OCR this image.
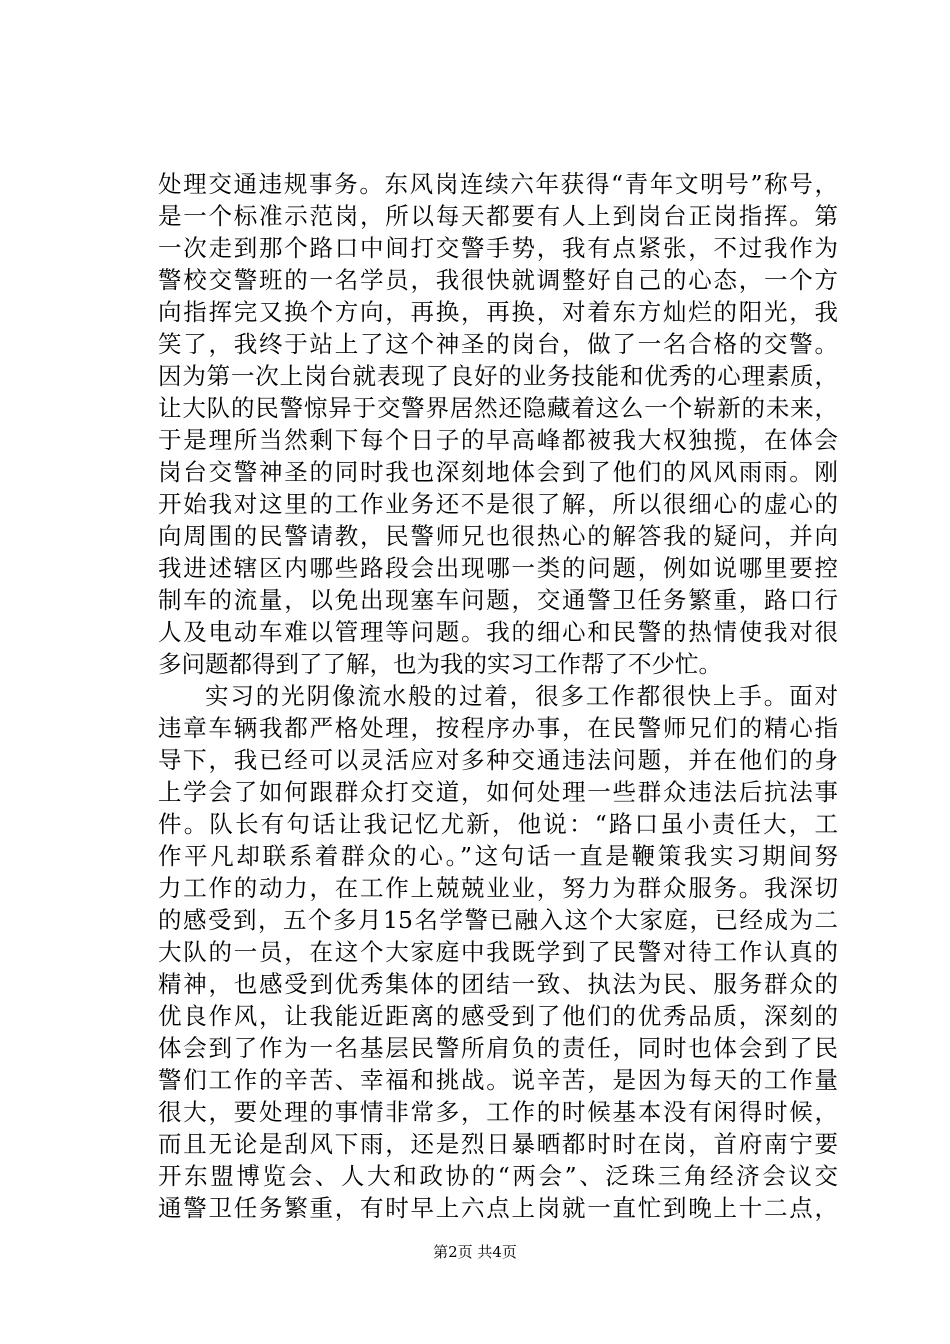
处理交通违规事务。东风岗连续六年获得“青年文明号”称号，
是一个标准示范岗，所以每天都要有人上到岗台正岗指挥。第
一次走到那个路口中间打交警手势，我有点紧张，不过我作为
警校交警班的一名学员，我很快就调整好自己的心态，一个方
向指挥完又换个方向，再换，再换，对着东方灿烂的阳光，我
笑了，我终于站上了这个神圣的岗台，做了一名合格的交警。
因为第一次上岗台就表现了良好的业务技能和优秀的心理素质，
让大队的民警惊异于交警界居然还隐藏着这么一个崭新的未来，
于是理所当然剩下每个日子的早高峰都被我大权独揽，在体会
岗台交警神圣的同时我也深刻地体会到了他们的风风雨雨。刚
开始我对这里的工作业务还不是很了解，所以很细心的虚心的
向周围的民警请教，民警师兄也很热心的解答我的疑问，并向
我进述辖区内哪些路段会出现哪一类的问题，例如说哪里要控
制车的流量，以免出现塞车问题，交通警卫任务繁重，路口行
人及电动车难以管理等问题。我的细心和民警的热情使我对很
多问题都得到了了解，也为我的实习工作帮了不少忙。
实习的光阴像流水般的过着，很多工作都很快上手。面对
违章车辆我都严格处理，按程序办事，在民警师兄们的精心指
导下，我已经可以灵活应对多种交通违法问题，并在他们的身
上学会了如何跟群众打交道，如何处理一些群众违法后抗法事
件。队长有句话让我记忆尤新，他说：“路口虽小责任大，工
作平凡却联系着群众的心。”这句话一直是鞭策我实习期间努
力工作的动力，在工作上兢兢业业，努力为群众服务。我深切
的感受到，五个多月15名学警已融入这个大家庭，已经成为二
大队的一员，在这个大家庭中我既学到了民警对待工作认真的
精神，也感受到优秀集体的团结一致、执法为民、服务群众的
优良作风，让我能近距离的感受到了他们的优秀品质，深刻的
体会到了作为一名基层民警所肩负的责任，同时也体会到了民
警们工作的辛苦、幸福和挑战。说辛苦，是因为每天的工作量
很大，要处理的事情非常多，工作的时候基本没有闲得时候，
而且无论是刮风下雨，还是烈日暴晒都时时在岗，首府南宁要
开东盟博览会、人大和政协的“两会”、泛珠三角经济会议交
通警卫任务繁重，有时早上六点上岗就一直忙到晚上十二点，
第2页 共4页
